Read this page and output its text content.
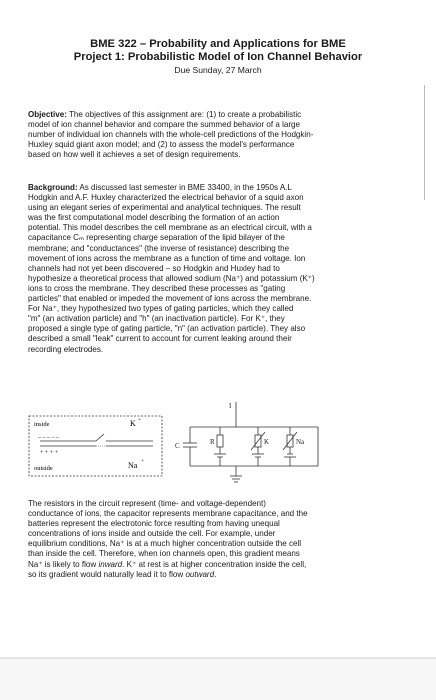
BME 322 – Probability and Applications for BME

Project 1: Probabilistic Model of Ion Channel Behavior

Due Sunday, 27 March
Objective: The objectives of this assignment are: (1) to create a probabilistic
model of ion channel behavior and compare the summed behavior of a large
number of individual ion channels with the whole-cell predictions of the Hodgkin-
Huxley squid giant axon model; and (2) to assess the model's performance
based on how well it achieves a set of design requirements.
Background: As discussed last semester in BME 33400, in the 1950s A.L
Hodgkin and A.F. Huxley characterized the electrical behavior of a squid axon
using an elegant series of experimental and analytical techniques. The result
was the first computational model describing the formation of an action
potential. This model describes the cell membrane as an electrical circuit, with a
capacitance Cₘ representing charge separation of the lipid bilayer of the
membrane; and "conductances" (the inverse of resistance) describing the
movement of ions across the membrane as a function of time and voltage. Ion
channels had not yet been discovered – so Hodgkin and Huxley had to
hypothesize a theoretical process that allowed sodium (Na⁺) and potassium (K⁺)
ions to cross the membrane. They described these processes as "gating
particles" that enabled or impeded the movement of ions across the membrane.
For Na⁺, they hypothesized two types of gating particles, which they called
"m" (an activation particle) and "h" (an inactivation particle). For K⁺, they
proposed a single type of gating particle, "n" (an activation particle). They also
described a small "leak" current to account for current leaking around their
recording electrodes.
inside	K +
– – – – –
+ + + +
outside	Na +
I
C	R	K	Na
The resistors in the circuit represent (time- and voltage-dependent)
conductance of ions, the capacitor represents membrane capacitance, and the
batteries represent the electrotonic force resulting from having unequal
concentrations of ions inside and outside the cell. For example, under
equilibrium conditions, Na⁺ is at a much higher concentration outside the cell
than inside the cell. Therefore, when ion channels open, this gradient means
Na⁺ is likely to flow inward. K⁺ at rest is at higher concentration inside the cell,
so its gradient would naturally lead it to flow outward.
